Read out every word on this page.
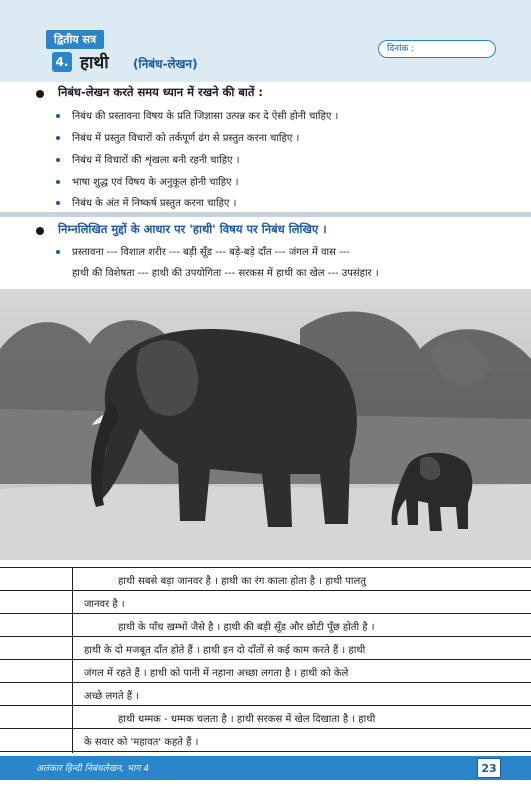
द्वितीय सत्र
4. हाथी (निबंध-लेखन)
दिनांक :
निबंध-लेखन करते समय ध्यान में रखने की बातें :
निबंध की प्रस्तावना विषय के प्रति जिज्ञासा उत्पन्न कर दे ऐसी होनी चाहिए ।
निबंध में प्रस्तुत विचारों को तर्कपूर्ण ढंग से प्रस्तुत करना चाहिए ।
निबंध में विचारों की शृंखला बनी रहनी चाहिए ।
भाषा शुद्ध एवं विषय के अनुकूल होनी चाहिए ।
निबंध के अंत में निष्कर्ष प्रस्तुत करना चाहिए ।
निम्नलिखित मुद्दों के आधार पर 'हाथी' विषय पर निबंध लिखिए ।
प्रस्तावना --- विशाल शरीर --- बड़ी सूँड --- बड़े-बड़े दाँत --- जंगल में वास ---
हाथी की विशेषता --- हाथी की उपयोगिता --- सरकस में हाथी का खेल --- उपसंहार ।
हाथी सबसे बड़ा जानवर है । हाथी का रंग काला होता है । हाथी पालतु
जानवर है ।
हाथी के पाँच खम्भों जैसे है । हाथी की बड़ी सूँड और छोटी पूँछ होती है ।
हाथी के दो मजबूत दाँत होते हैं । हाथी इन दो दाँतों से कई काम करते हैं । हाथी
जंगल में रहते हैं । हाथी को पानी में नहाना अच्छा लगता है । हाथी को केले
अच्छे लगते हैं ।
हाथी धम्मक - धम्मक चलता है । हाथी सरकस में खेल दिखाता है । हाथी
के सवार को 'महावत' कहते हैं ।
अलंकार हिन्दी निबंधलेखन, भाग 4	23
